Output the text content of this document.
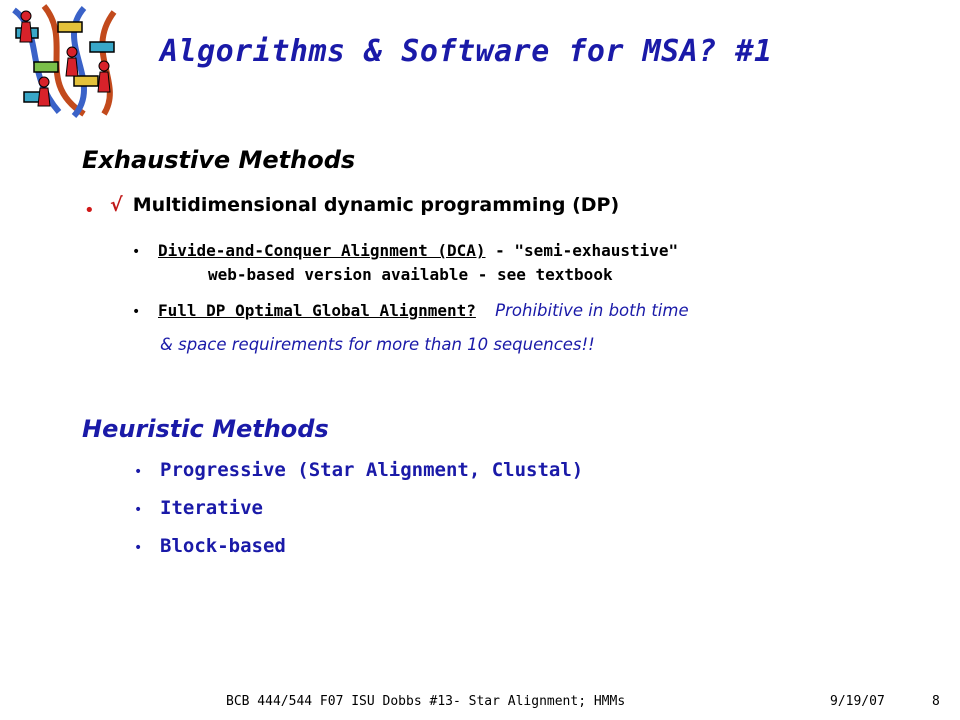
Algorithms & Software for MSA? #1
Exhaustive Methods
• √ Multidimensional dynamic programming (DP)
• Divide-and-Conquer Alignment (DCA) - "semi-exhaustive"
web-based version available - see textbook
• Full DP Optimal Global Alignment? Prohibitive in both time
& space requirements for more than 10 sequences!!
Heuristic Methods
• Progressive (Star Alignment, Clustal)
• Iterative
• Block-based
BCB 444/544 F07 ISU Dobbs #13- Star Alignment; HMMs	9/19/07	8
